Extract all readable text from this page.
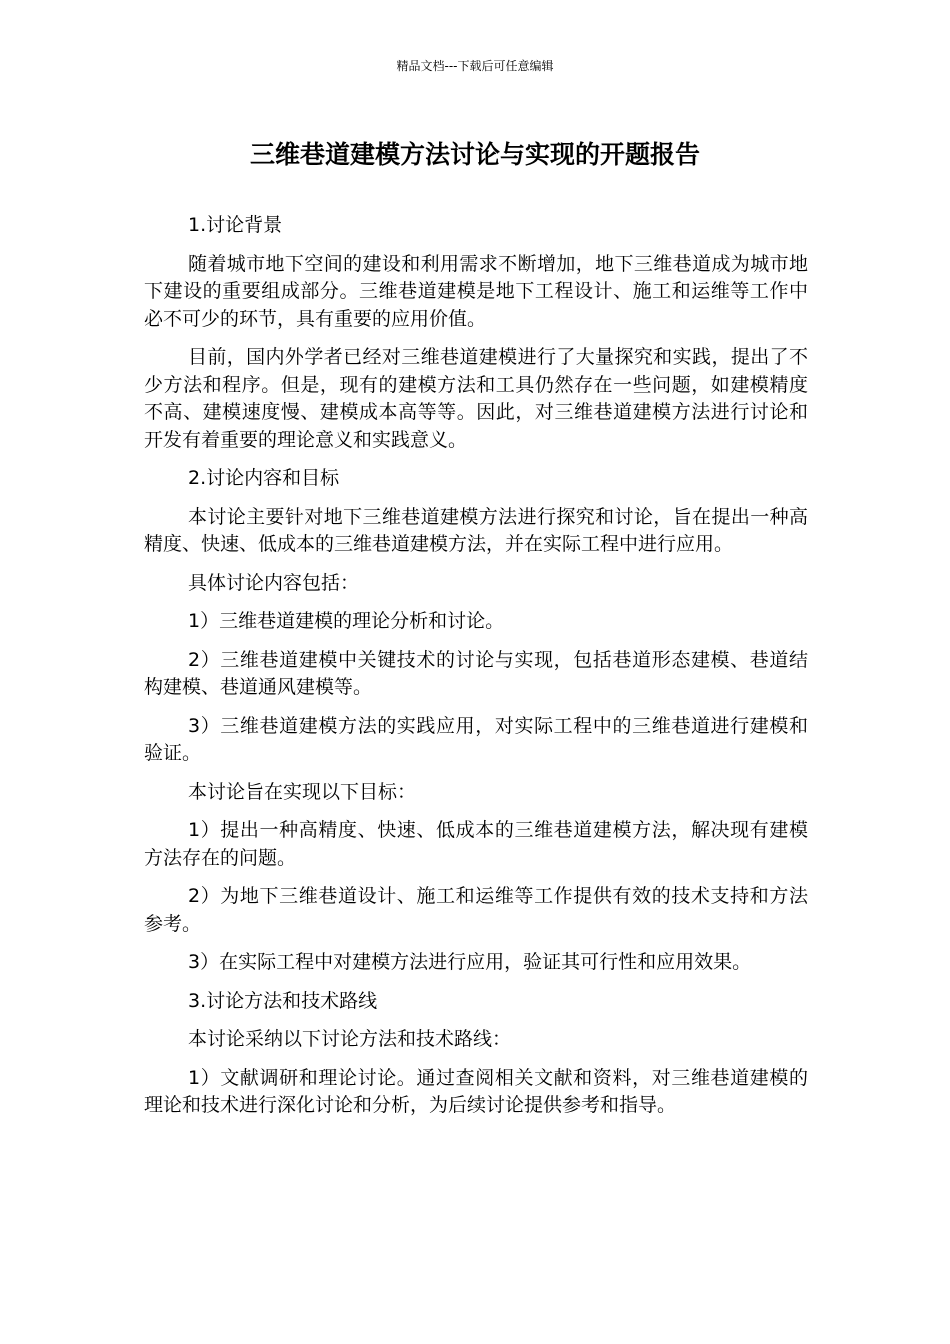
精品文档---下载后可任意编辑
三维巷道建模方法讨论与实现的开题报告

1.讨论背景

随着城市地下空间的建设和利用需求不断增加，地下三维巷道成为城市地下建设的重要组成部分。三维巷道建模是地下工程设计、施工和运维等工作中必不可少的环节，具有重要的应用价值。

目前，国内外学者已经对三维巷道建模进行了大量探究和实践，提出了不少方法和程序。但是，现有的建模方法和工具仍然存在一些问题，如建模精度不高、建模速度慢、建模成本高等等。因此，对三维巷道建模方法进行讨论和开发有着重要的理论意义和实践意义。

2.讨论内容和目标

本讨论主要针对地下三维巷道建模方法进行探究和讨论，旨在提出一种高精度、快速、低成本的三维巷道建模方法，并在实际工程中进行应用。

具体讨论内容包括：

1）三维巷道建模的理论分析和讨论。

2）三维巷道建模中关键技术的讨论与实现，包括巷道形态建模、巷道结构建模、巷道通风建模等。

3）三维巷道建模方法的实践应用，对实际工程中的三维巷道进行建模和验证。

本讨论旨在实现以下目标：

1）提出一种高精度、快速、低成本的三维巷道建模方法，解决现有建模方法存在的问题。

2）为地下三维巷道设计、施工和运维等工作提供有效的技术支持和方法参考。

3）在实际工程中对建模方法进行应用，验证其可行性和应用效果。

3.讨论方法和技术路线

本讨论采纳以下讨论方法和技术路线：

1）文献调研和理论讨论。通过查阅相关文献和资料，对三维巷道建模的理论和技术进行深化讨论和分析，为后续讨论提供参考和指导。
